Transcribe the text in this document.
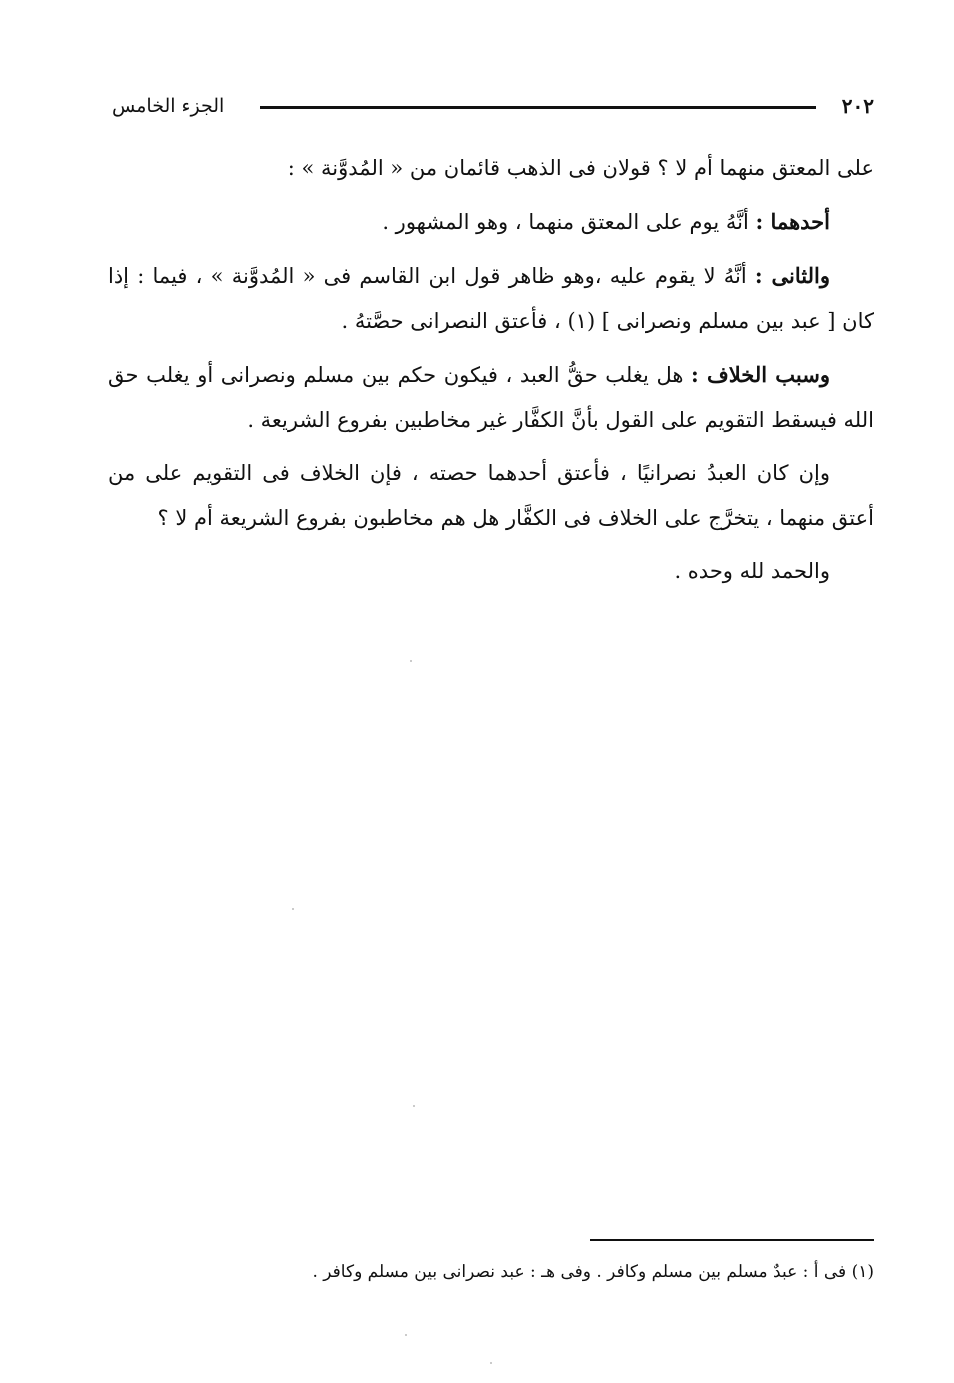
٢٠٢
الجزء الخامس

على المعتق منهما أم لا ؟ قولان فى الذهب قائمان من « المُدوَّنة » :

أحدهما : أنَّهُ يوم على المعتق منهما ، وهو المشهور .

والثانى : أنَّهُ لا يقوم عليه ،وهو ظاهر قول ابن القاسم فى « المُدوَّنة » ، فيما : إذا كان [ عبد بين مسلم ونصرانى ] (١) ، فأعتق النصرانى حصَّتهُ .

وسبب الخلاف : هل يغلب حقُّ العبد ، فيكون حكم بين مسلم ونصرانى أو يغلب حق الله فيسقط التقويم على القول بأنَّ الكفَّار غير مخاطبين بفروع الشريعة .

وإن كان العبدُ نصرانيًا ، فأعتق أحدهما حصته ، فإن الخلاف فى التقويم على من أعتق منهما ، يتخرَّج على الخلاف فى الكفَّار هل هم مخاطبون بفروع الشريعة أم لا ؟

والحمد لله وحده .

(١) فى أ : عبدٌ مسلم بين مسلم وكافر . وفى هـ : عبد نصرانى بين مسلم وكافر .
